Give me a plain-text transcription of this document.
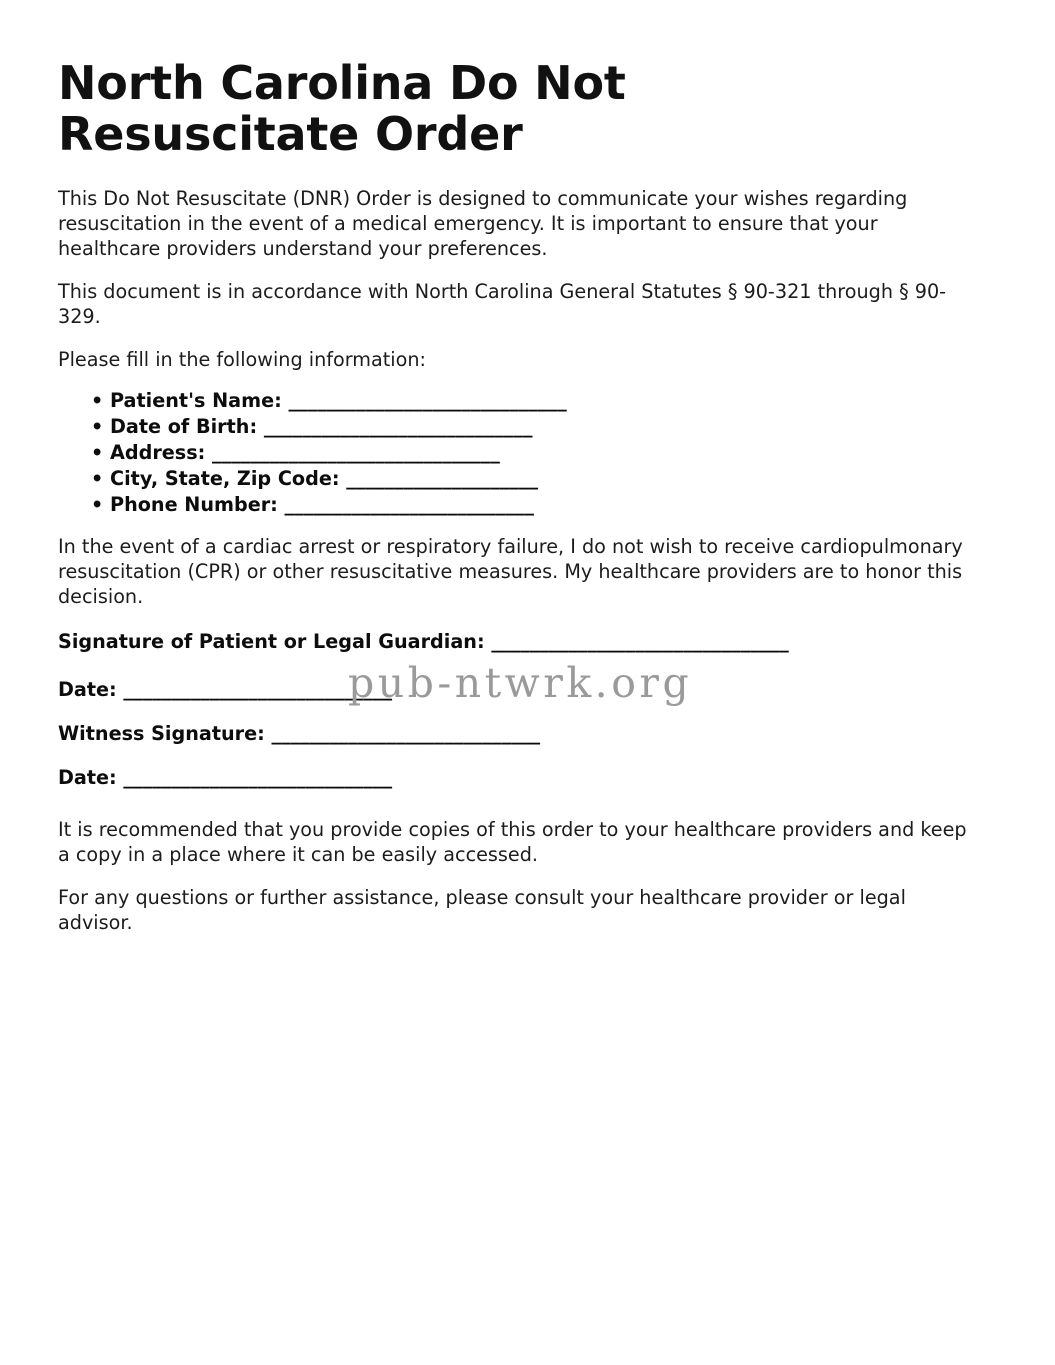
North Carolina Do Not Resuscitate Order

This Do Not Resuscitate (DNR) Order is designed to communicate your wishes regarding resuscitation in the event of a medical emergency. It is important to ensure that your healthcare providers understand your preferences.

This document is in accordance with North Carolina General Statutes § 90-321 through § 90-329.

Please fill in the following information:

• Patient's Name: _____________________________
• Date of Birth: ____________________________
• Address: ______________________________
• City, State, Zip Code: ____________________
• Phone Number: __________________________

In the event of a cardiac arrest or respiratory failure, I do not wish to receive cardiopulmonary resuscitation (CPR) or other resuscitative measures. My healthcare providers are to honor this decision.

Signature of Patient or Legal Guardian: _______________________________

Date: ____________________________

Witness Signature: ____________________________

Date: ____________________________

It is recommended that you provide copies of this order to your healthcare providers and keep a copy in a place where it can be easily accessed.

For any questions or further assistance, please consult your healthcare provider or legal advisor.

pub-ntwrk.org
